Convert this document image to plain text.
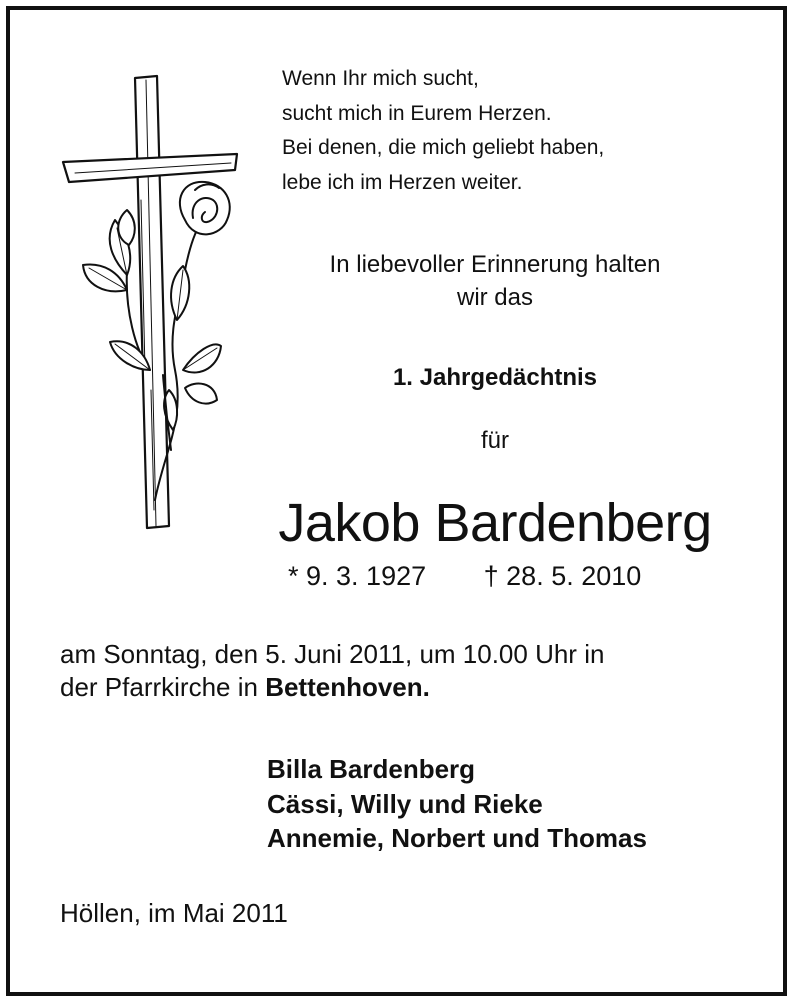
Wenn Ihr mich sucht,
sucht mich in Eurem Herzen.
Bei denen, die mich geliebt haben,
lebe ich im Herzen weiter.
In liebevoller Erinnerung halten
wir das
1. Jahrgedächtnis
für
Jakob Bardenberg
* 9. 3. 1927 † 28. 5. 2010
am Sonntag, den 5. Juni 2011, um 10.00 Uhr in
der Pfarrkirche in Bettenhoven.
Billa Bardenberg
Cässi, Willy und Rieke
Annemie, Norbert und Thomas
Höllen, im Mai 2011
